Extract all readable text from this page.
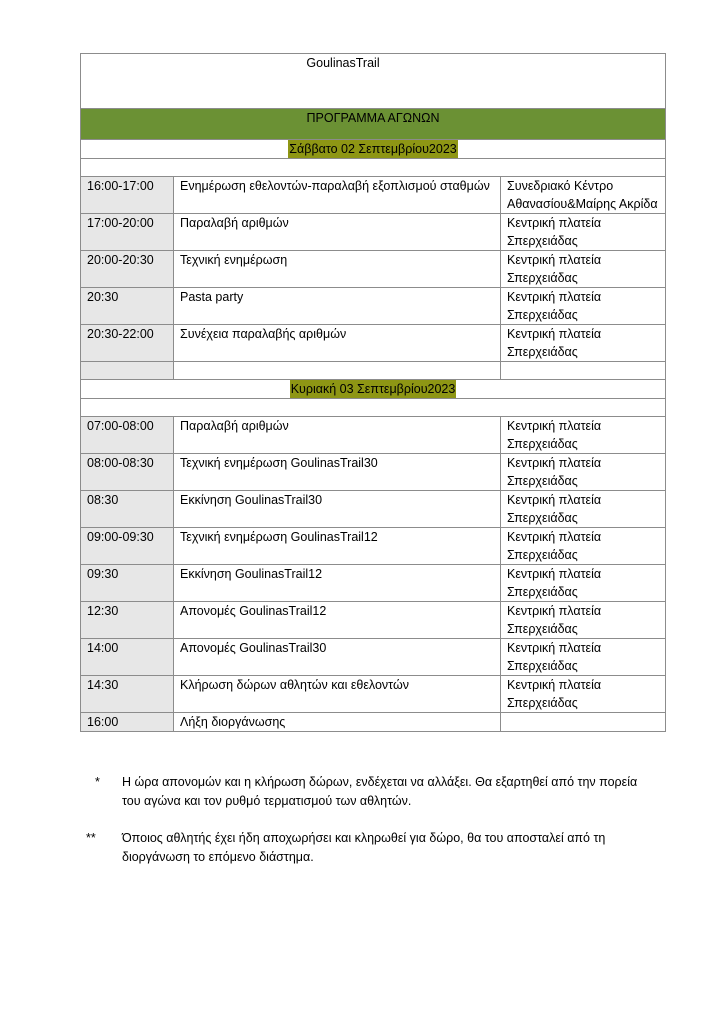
GoulinasTrail		
ΠΡΟΓΡΑΜΜΑ ΑΓΩΝΩΝ		
Σάββατο 02 Σεπτεμβρίου2023		

16:00-17:00	Ενημέρωση εθελοντών-παραλαβή εξοπλισμού σταθμών	Συνεδριακό Κέντρο Αθανασίου&Μαίρης Ακρίδα
17:00-20:00	Παραλαβή αριθμών	Κεντρική πλατεία Σπερχειάδας
20:00-20:30	Τεχνική ενημέρωση	Κεντρική πλατεία Σπερχειάδας
20:30	Pasta party	Κεντρική πλατεία Σπερχειάδας
20:30-22:00	Συνέχεια παραλαβής αριθμών	Κεντρική πλατεία Σπερχειάδας

Κυριακή 03 Σεπτεμβρίου2023		

07:00-08:00	Παραλαβή αριθμών	Κεντρική πλατεία Σπερχειάδας
08:00-08:30	Τεχνική ενημέρωση GoulinasTrail30	Κεντρική πλατεία Σπερχειάδας
08:30	Εκκίνηση GoulinasTrail30	Κεντρική πλατεία Σπερχειάδας
09:00-09:30	Τεχνική ενημέρωση GoulinasTrail12	Κεντρική πλατεία Σπερχειάδας
09:30	Εκκίνηση GoulinasTrail12	Κεντρική πλατεία Σπερχειάδας
12:30	Απονομές GoulinasTrail12	Κεντρική πλατεία Σπερχειάδας
14:00	Απονομές GoulinasTrail30	Κεντρική πλατεία Σπερχειάδας
14:30	Κλήρωση δώρων αθλητών και εθελοντών	Κεντρική πλατεία Σπερχειάδας
16:00	Λήξη διοργάνωσης	
*	Η ώρα απονομών και η κλήρωση δώρων, ενδέχεται να αλλάξει. Θα εξαρτηθεί από την πορεία του αγώνα και τον ρυθμό τερματισμού των αθλητών.
**	Όποιος αθλητής έχει ήδη αποχωρήσει και κληρωθεί για δώρο, θα του αποσταλεί από τη διοργάνωση το επόμενο διάστημα.
